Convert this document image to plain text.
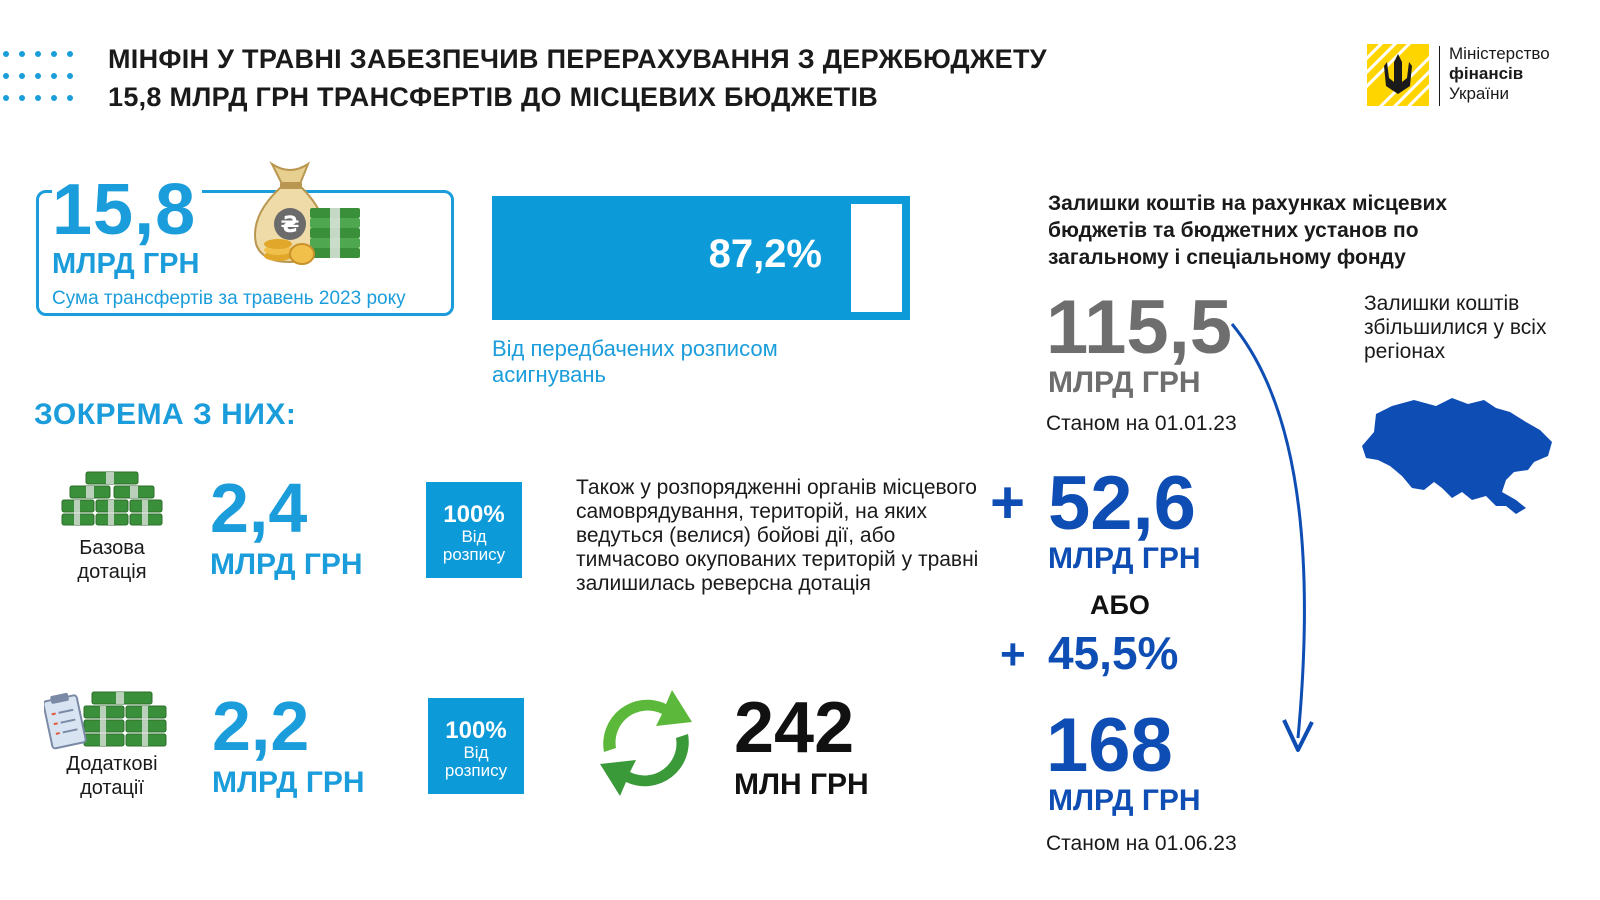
МІНФІН У ТРАВНІ ЗАБЕЗПЕЧИВ ПЕРЕРАХУВАННЯ З ДЕРЖБЮДЖЕТУ
15,8 МЛРД ГРН ТРАНСФЕРТІВ ДО МІСЦЕВИХ БЮДЖЕТІВ
Міністерство
фінансів
України
15,8
МЛРД ГРН
Сума трансфертів за травень 2023 року
₴
87,2%
Від передбачених розписом асигнувань
ЗОКРЕМА З НИХ:
Базова дотація
2,4
МЛРД ГРН
100%
Від
розпису
Також у розпорядженні органів місцевого самоврядування, територій, на яких ведуться (велися) бойові дії, або тимчасово окупованих територій у травні залишилась реверсна дотація
Додаткові дотації
2,2
МЛРД ГРН
100%
Від
розпису
242
МЛН ГРН
Залишки коштів на рахунках місцевих бюджетів та бюджетних установ по загальному і спеціальному фонду
115,5
МЛРД ГРН
Станом на 01.01.23
+ 52,6
МЛРД ГРН
АБО
+ 45,5%
168
МЛРД ГРН
Станом на 01.06.23
Залишки коштів збільшилися у всіх регіонах
